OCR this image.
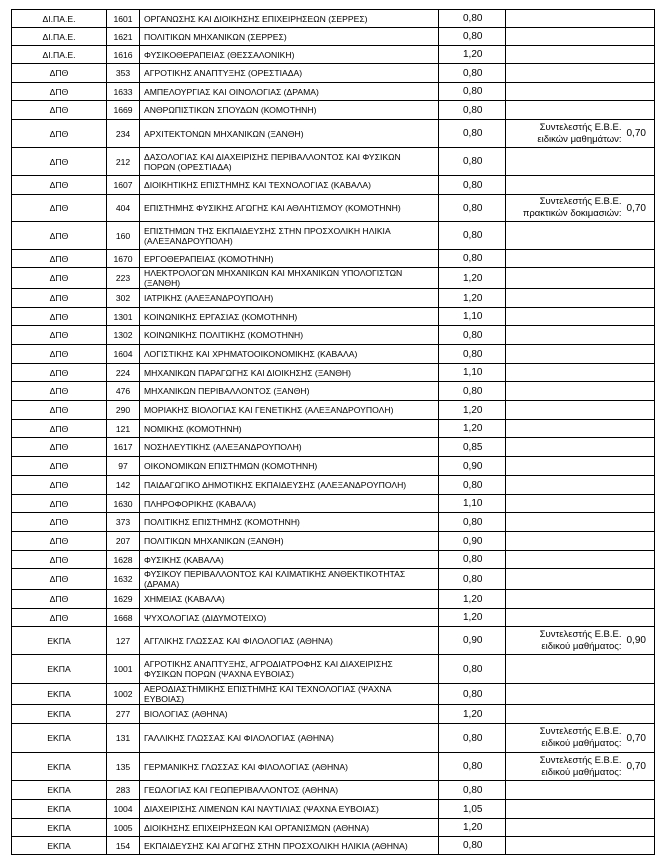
ΔΙ.ΠΑ.Ε.	1601	ΟΡΓΑΝΩΣΗΣ ΚΑΙ ΔΙΟΙΚΗΣΗΣ ΕΠΙΧΕΙΡΗΣΕΩΝ (ΣΕΡΡΕΣ)	0,80		
ΔΙ.ΠΑ.Ε.	1621	ΠΟΛΙΤΙΚΩΝ ΜΗΧΑΝΙΚΩΝ (ΣΕΡΡΕΣ)	0,80		
ΔΙ.ΠΑ.Ε.	1616	ΦΥΣΙΚΟΘΕΡΑΠΕΙΑΣ (ΘΕΣΣΑΛΟΝΙΚΗ)	1,20		
ΔΠΘ	353	ΑΓΡΟΤΙΚΗΣ ΑΝΑΠΤΥΞΗΣ (ΟΡΕΣΤΙΑΔΑ)	0,80		
ΔΠΘ	1633	ΑΜΠΕΛΟΥΡΓΙΑΣ ΚΑΙ ΟΙΝΟΛΟΓΙΑΣ (ΔΡΑΜΑ)	0,80		
ΔΠΘ	1669	ΑΝΘΡΩΠΙΣΤΙΚΩΝ ΣΠΟΥΔΩΝ (ΚΟΜΟΤΗΝΗ)	0,80		
ΔΠΘ	234	ΑΡΧΙΤΕΚΤΟΝΩΝ ΜΗΧΑΝΙΚΩΝ (ΞΑΝΘΗ)	0,80	Συντελεστής Ε.Β.Ε. ειδικών μαθημάτων:	0,70
ΔΠΘ	212	ΔΑΣΟΛΟΓΙΑΣ ΚΑΙ ΔΙΑΧΕΙΡΙΣΗΣ ΠΕΡΙΒΑΛΛΟΝΤΟΣ ΚΑΙ ΦΥΣΙΚΩΝ ΠΟΡΩΝ (ΟΡΕΣΤΙΑΔΑ)	0,80		
ΔΠΘ	1607	ΔΙΟΙΚΗΤΙΚΗΣ ΕΠΙΣΤΗΜΗΣ ΚΑΙ ΤΕΧΝΟΛΟΓΙΑΣ (ΚΑΒΑΛΑ)	0,80		
ΔΠΘ	404	ΕΠΙΣΤΗΜΗΣ ΦΥΣΙΚΗΣ ΑΓΩΓΗΣ ΚΑΙ ΑΘΛΗΤΙΣΜΟΥ (ΚΟΜΟΤΗΝΗ)	0,80	Συντελεστής Ε.Β.Ε. πρακτικών δοκιμασιών:	0,70
ΔΠΘ	160	ΕΠΙΣΤΗΜΩΝ ΤΗΣ ΕΚΠΑΙΔΕΥΣΗΣ ΣΤΗΝ ΠΡΟΣΧΟΛΙΚΗ ΗΛΙΚΙΑ (ΑΛΕΞΑΝΔΡΟΥΠΟΛΗ)	0,80		
ΔΠΘ	1670	ΕΡΓΟΘΕΡΑΠΕΙΑΣ (ΚΟΜΟΤΗΝΗ)	0,80		
ΔΠΘ	223	ΗΛΕΚΤΡΟΛΟΓΩΝ ΜΗΧΑΝΙΚΩΝ ΚΑΙ ΜΗΧΑΝΙΚΩΝ ΥΠΟΛΟΓΙΣΤΩΝ (ΞΑΝΘΗ)	1,20		
ΔΠΘ	302	ΙΑΤΡΙΚΗΣ (ΑΛΕΞΑΝΔΡΟΥΠΟΛΗ)	1,20		
ΔΠΘ	1301	ΚΟΙΝΩΝΙΚΗΣ ΕΡΓΑΣΙΑΣ (ΚΟΜΟΤΗΝΗ)	1,10		
ΔΠΘ	1302	ΚΟΙΝΩΝΙΚΗΣ ΠΟΛΙΤΙΚΗΣ (ΚΟΜΟΤΗΝΗ)	0,80		
ΔΠΘ	1604	ΛΟΓΙΣΤΙΚΗΣ ΚΑΙ ΧΡΗΜΑΤΟΟΙΚΟΝΟΜΙΚΗΣ (ΚΑΒΑΛΑ)	0,80		
ΔΠΘ	224	ΜΗΧΑΝΙΚΩΝ ΠΑΡΑΓΩΓΗΣ ΚΑΙ ΔΙΟΙΚΗΣΗΣ (ΞΑΝΘΗ)	1,10		
ΔΠΘ	476	ΜΗΧΑΝΙΚΩΝ ΠΕΡΙΒΑΛΛΟΝΤΟΣ (ΞΑΝΘΗ)	0,80		
ΔΠΘ	290	ΜΟΡΙΑΚΗΣ ΒΙΟΛΟΓΙΑΣ ΚΑΙ ΓΕΝΕΤΙΚΗΣ (ΑΛΕΞΑΝΔΡΟΥΠΟΛΗ)	1,20		
ΔΠΘ	121	ΝΟΜΙΚΗΣ (ΚΟΜΟΤΗΝΗ)	1,20		
ΔΠΘ	1617	ΝΟΣΗΛΕΥΤΙΚΗΣ (ΑΛΕΞΑΝΔΡΟΥΠΟΛΗ)	0,85		
ΔΠΘ	97	ΟΙΚΟΝΟΜΙΚΩΝ ΕΠΙΣΤΗΜΩΝ (ΚΟΜΟΤΗΝΗ)	0,90		
ΔΠΘ	142	ΠΑΙΔΑΓΩΓΙΚΟ ΔΗΜΟΤΙΚΗΣ ΕΚΠΑΙΔΕΥΣΗΣ (ΑΛΕΞΑΝΔΡΟΥΠΟΛΗ)	0,80		
ΔΠΘ	1630	ΠΛΗΡΟΦΟΡΙΚΗΣ (ΚΑΒΑΛΑ)	1,10		
ΔΠΘ	373	ΠΟΛΙΤΙΚΗΣ ΕΠΙΣΤΗΜΗΣ (ΚΟΜΟΤΗΝΗ)	0,80		
ΔΠΘ	207	ΠΟΛΙΤΙΚΩΝ ΜΗΧΑΝΙΚΩΝ (ΞΑΝΘΗ)	0,90		
ΔΠΘ	1628	ΦΥΣΙΚΗΣ (ΚΑΒΑΛΑ)	0,80		
ΔΠΘ	1632	ΦΥΣΙΚΟΥ ΠΕΡΙΒΑΛΛΟΝΤΟΣ ΚΑΙ ΚΛΙΜΑΤΙΚΗΣ ΑΝΘΕΚΤΙΚΟΤΗΤΑΣ (ΔΡΑΜΑ)	0,80		
ΔΠΘ	1629	ΧΗΜΕΙΑΣ (ΚΑΒΑΛΑ)	1,20		
ΔΠΘ	1668	ΨΥΧΟΛΟΓΙΑΣ (ΔΙΔΥΜΟΤΕΙΧΟ)	1,20		
ΕΚΠΑ	127	ΑΓΓΛΙΚΗΣ ΓΛΩΣΣΑΣ ΚΑΙ ΦΙΛΟΛΟΓΙΑΣ (ΑΘΗΝΑ)	0,90	Συντελεστής Ε.Β.Ε. ειδικού μαθήματος:	0,90
ΕΚΠΑ	1001	ΑΓΡΟΤΙΚΗΣ ΑΝΑΠΤΥΞΗΣ, ΑΓΡΟΔΙΑΤΡΟΦΗΣ ΚΑΙ ΔΙΑΧΕΙΡΙΣΗΣ ΦΥΣΙΚΩΝ ΠΟΡΩΝ (ΨΑΧΝΑ ΕΥΒΟΙΑΣ)	0,80		
ΕΚΠΑ	1002	ΑΕΡΟΔΙΑΣΤΗΜΙΚΗΣ ΕΠΙΣΤΗΜΗΣ ΚΑΙ ΤΕΧΝΟΛΟΓΙΑΣ (ΨΑΧΝΑ ΕΥΒΟΙΑΣ)	0,80		
ΕΚΠΑ	277	ΒΙΟΛΟΓΙΑΣ (ΑΘΗΝΑ)	1,20		
ΕΚΠΑ	131	ΓΑΛΛΙΚΗΣ ΓΛΩΣΣΑΣ ΚΑΙ ΦΙΛΟΛΟΓΙΑΣ (ΑΘΗΝΑ)	0,80	Συντελεστής Ε.Β.Ε. ειδικού μαθήματος:	0,70
ΕΚΠΑ	135	ΓΕΡΜΑΝΙΚΗΣ ΓΛΩΣΣΑΣ ΚΑΙ ΦΙΛΟΛΟΓΙΑΣ (ΑΘΗΝΑ)	0,80	Συντελεστής Ε.Β.Ε. ειδικού μαθήματος:	0,70
ΕΚΠΑ	283	ΓΕΩΛΟΓΙΑΣ ΚΑΙ ΓΕΩΠΕΡΙΒΑΛΛΟΝΤΟΣ (ΑΘΗΝΑ)	0,80		
ΕΚΠΑ	1004	ΔΙΑΧΕΙΡΙΣΗΣ ΛΙΜΕΝΩΝ ΚΑΙ ΝΑΥΤΙΛΙΑΣ (ΨΑΧΝΑ ΕΥΒΟΙΑΣ)	1,05		
ΕΚΠΑ	1005	ΔΙΟΙΚΗΣΗΣ ΕΠΙΧΕΙΡΗΣΕΩΝ ΚΑΙ ΟΡΓΑΝΙΣΜΩΝ (ΑΘΗΝΑ)	1,20		
ΕΚΠΑ	154	ΕΚΠΑΙΔΕΥΣΗΣ ΚΑΙ ΑΓΩΓΗΣ ΣΤΗΝ ΠΡΟΣΧΟΛΙΚΗ ΗΛΙΚΙΑ (ΑΘΗΝΑ)	0,80		
